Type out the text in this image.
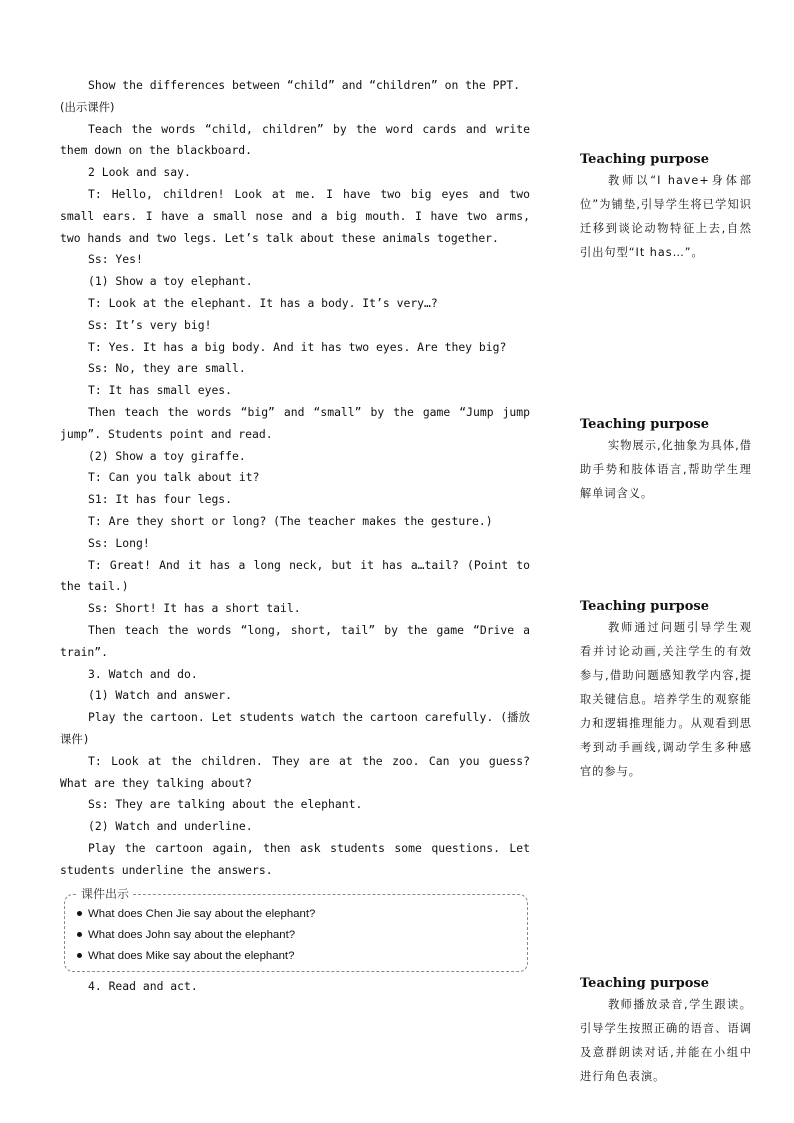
Show the differences between “child” and “children” on the PPT.

(出示课件)

Teach the words “child, children” by the word cards and write them down on the blackboard.

2 Look and say.

T: Hello, children! Look at me. I have two big eyes and two small ears. I have a small nose and a big mouth. I have two arms, two hands and two legs. Let’s talk about these animals together.

Ss: Yes!

(1) Show a toy elephant.

T: Look at the elephant. It has a body. It’s very…?

Ss: It’s very big!

T: Yes. It has a big body. And it has two eyes. Are they big?

Ss: No, they are small.

T: It has small eyes.

Then teach the words “big” and “small” by the game “Jump jump jump”. Students point and read.

(2) Show a toy giraffe.

T: Can you talk about it?

S1: It has four legs.

T: Are they short or long? (The teacher makes the gesture.)

Ss: Long!

T: Great! And it has a long neck, but it has a…tail? (Point to the tail.)

Ss: Short! It has a short tail.

Then teach the words “long, short, tail” by the game “Drive a train”.

3. Watch and do.

(1) Watch and answer.

Play the cartoon. Let students watch the cartoon carefully. (播放课件)

T: Look at the children. They are at the zoo. Can you guess? What are they talking about?

Ss: They are talking about the elephant.

(2) Watch and underline.

Play the cartoon again, then ask students some questions. Let students underline the answers.

课件出示
What does Chen Jie say about the elephant?
What does John say about the elephant?
What does Mike say about the elephant?

4. Read and act.

Teaching purpose

教师以“I have+身体部位”为铺垫,引导学生将已学知识迁移到谈论动物特征上去,自然引出句型“It has…”。

Teaching purpose

实物展示,化抽象为具体,借助手势和肢体语言,帮助学生理解单词含义。

Teaching purpose

教师通过问题引导学生观看并讨论动画,关注学生的有效参与,借助问题感知教学内容,提取关键信息。培养学生的观察能力和逻辑推理能力。从观看到思考到动手画线,调动学生多种感官的参与。

Teaching purpose

教师播放录音,学生跟读。引导学生按照正确的语音、语调及意群朗读对话,并能在小组中进行角色表演。
